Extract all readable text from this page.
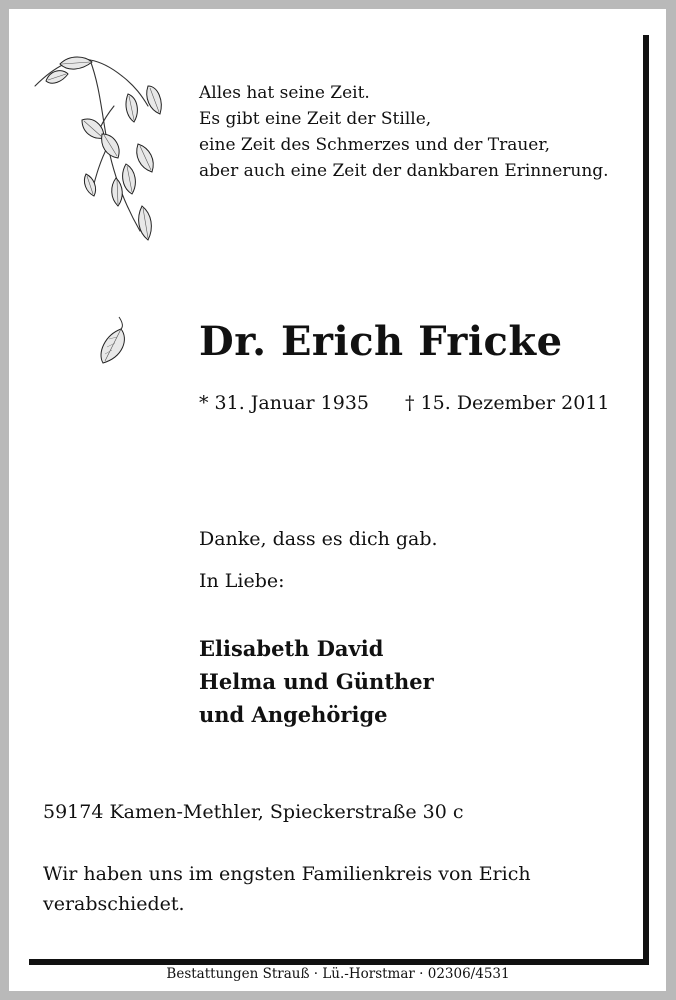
Alles hat seine Zeit.
Es gibt eine Zeit der Stille,
eine Zeit des Schmerzes und der Trauer,
aber auch eine Zeit der dankbaren Erinnerung.
Dr. Erich Fricke
* 31. Januar 1935 † 15. Dezember 2011
Danke, dass es dich gab.
In Liebe:
Elisabeth David
Helma und Günther
und Angehörige
59174 Kamen-Methler, Spieckerstraße 30 c
Wir haben uns im engsten Familienkreis von Erich
verabschiedet.
Bestattungen Strauß · Lü.-Horstmar · 02306/4531
